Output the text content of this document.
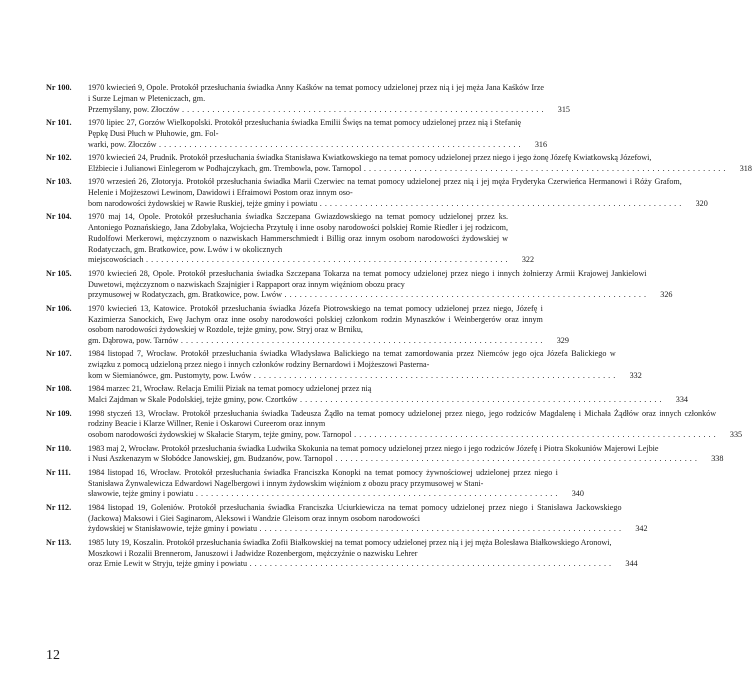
Nr 100.	1970 kwiecień 9, Opole. Protokół przesłuchania świadka Anny Kaśków na temat pomocy udzielonej przez nią i jej męża Jana Kaśków Irze i Surze Lejman w Pleteniczach, gm.
Przemyślany, pow. Złoczów . . .	315
Nr 101.	1970 lipiec 27, Gorzów Wielkopolski. Protokół przesłuchania świadka Emilii Święs na temat pomocy udzielonej przez nią i Stefanię Pępkę Dusi Płuch w Płuhowie, gm. Fol-
warki, pow. Złoczów . . .	316
Nr 102.	1970 kwiecień 24, Prudnik. Protokół przesłuchania świadka Stanisława Kwiatkowskiego na temat pomocy udzielonej przez niego i jego żonę Józefę Kwiatkowską Józefowi,
Elżbiecie i Julianowi Einlegerom w Podhajczykach, gm. Trembowla, pow. Tarnopol . . .	318
Nr 103.	1970 wrzesień 26, Złotoryja. Protokół przesłuchania świadka Marii Czerwiec na temat pomocy udzielonej przez nią i jej męża Fryderyka Czerwieńca Hermanowi i Róży Grafom, Helenie i Mojżeszowi Lewinom, Dawidowi i Efraimowi Postom oraz innym oso-
bom narodowości żydowskiej w Rawie Ruskiej, tejże gminy i powiatu . . .	320
Nr 104.	1970 maj 14, Opole. Protokół przesłuchania świadka Szczepana Gwiazdowskiego na temat pomocy udzielonej przez ks. Antoniego Poznańskiego, Jana Zdobylaka, Wojciecha Przytułę i inne osoby narodowości polskiej Romie Riedler i jej rodzicom, Rudolfowi Merkerowi, mężczyznom o nazwiskach Hammerschmiedt i Billig oraz innym osobom narodowości żydowskiej w Rodatyczach, gm. Bratkowice, pow. Lwów i w okolicznych
miejscowościach . . .	322
Nr 105.	1970 kwiecień 28, Opole. Protokół przesłuchania świadka Szczepana Tokarza na temat pomocy udzielonej przez niego i innych żołnierzy Armii Krajowej Jankielowi Duwetowi, mężczyznom o nazwiskach Szajnigier i Rappaport oraz innym więźniom obozu pracy
przymusowej w Rodatyczach, gm. Bratkowice, pow. Lwów . . .	326
Nr 106.	1970 kwiecień 13, Katowice. Protokół przesłuchania świadka Józefa Piotrowskiego na temat pomocy udzielonej przez niego, Józefę i Kazimierza Sanockich, Ewę Jachym oraz inne osoby narodowości polskiej członkom rodzin Mynaszków i Weinbergerów oraz innym osobom narodowości żydowskiej w Rozdole, tejże gminy, pow. Stryj oraz w Brniku,
gm. Dąbrowa, pow. Tarnów . . .	329
Nr 107.	1984 listopad 7, Wrocław. Protokół przesłuchania świadka Władysława Balickiego na temat zamordowania przez Niemców jego ojca Józefa Balickiego w związku z pomocą udzieloną przez niego i innych członków rodziny Bernardowi i Mojżeszowi Pasterna-
kom w Siemianówce, gm. Pustomyty, pow. Lwów . . .	332
Nr 108.	1984 marzec 21, Wrocław. Relacja Emilii Piziak na temat pomocy udzielonej przez nią
Malci Zajdman w Skale Podolskiej, tejże gminy, pow. Czortków . . .	334
Nr 109.	1998 styczeń 13, Wrocław. Protokół przesłuchania świadka Tadeusza Żądło na temat pomocy udzielonej przez niego, jego rodziców Magdalenę i Michała Żądłów oraz innych członków rodziny Beacie i Klarze Willner, Renie i Oskarowi Cureerom oraz innym
osobom narodowości żydowskiej w Skałacie Starym, tejże gminy, pow. Tarnopol . . .	335
Nr 110.	1983 maj 2, Wrocław. Protokół przesłuchania świadka Ludwika Skokunia na temat pomocy udzielonej przez niego i jego rodziców Józefę i Piotra Skokuniów Majerowi Lejbie
i Nusi Aszkenazym w Słobódce Janowskiej, gm. Budzanów, pow. Tarnopol . . .	338
Nr 111.	1984 listopad 16, Wrocław. Protokół przesłuchania świadka Franciszka Konopki na temat pomocy żywnościowej udzielonej przez niego i Stanisława Żynwalewicza Edwardowi Nagelbergowi i innym żydowskim więźniom z obozu pracy przymusowej w Stani-
sławowie, tejże gminy i powiatu . . .	340
Nr 112.	1984 listopad 19, Goleniów. Protokół przesłuchania świadka Franciszka Uciurkiewicza na temat pomocy udzielonej przez niego i Stanisława Jackowskiego (Jackowa) Maksowi i Giei Saginarom, Aleksowi i Wandzie Gleisom oraz innym osobom narodowości
żydowskiej w Stanisławowie, tejże gminy i powiatu . . .	342
Nr 113.	1985 luty 19, Koszalin. Protokół przesłuchania świadka Zofii Białkowskiej na temat pomocy udzielonej przez nią i jej męża Bolesława Białkowskiego Aronowi, Moszkowi i Rozalii Brennerom, Januszowi i Jadwidze Rozenbergom, mężczyźnie o nazwisku Lehrer
oraz Ernie Lewit w Stryju, tejże gminy i powiatu . . .	344
12
